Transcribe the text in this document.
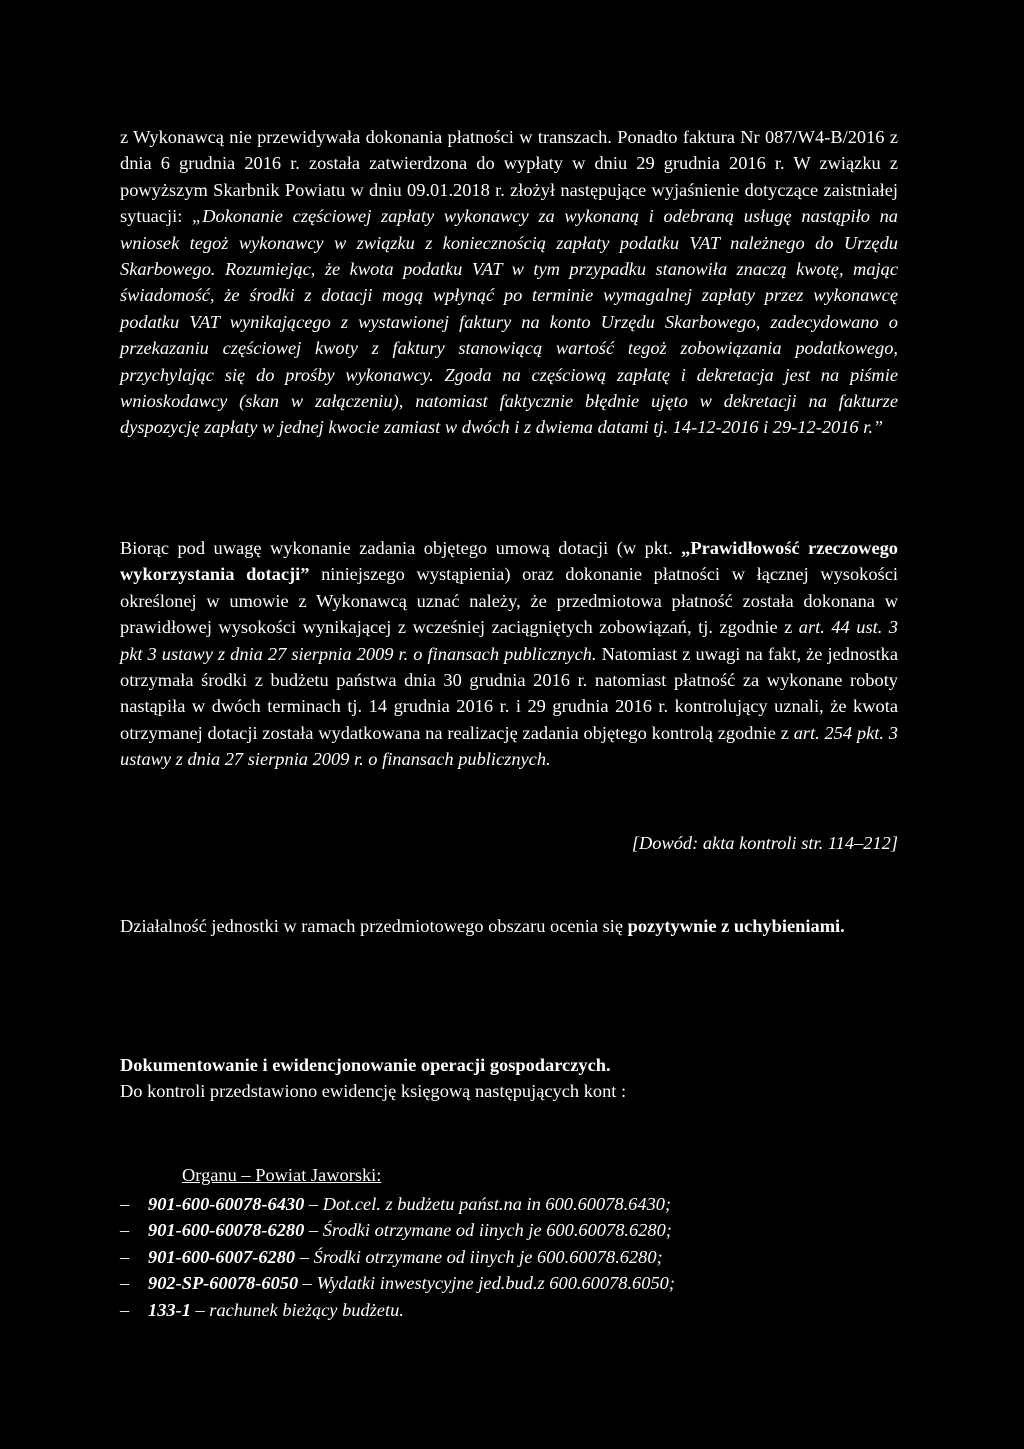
z Wykonawcą nie przewidywała dokonania płatności w transzach. Ponadto faktura Nr 087/W4-B/2016 z dnia 6 grudnia 2016 r. została zatwierdzona do wypłaty w dniu 29 grudnia 2016 r. W związku z powyższym Skarbnik Powiatu w dniu 09.01.2018 r. złożył następujące wyjaśnienie dotyczące zaistniałej sytuacji: „Dokonanie częściowej zapłaty wykonawcy za wykonaną i odebraną usługę nastąpiło na wniosek tegoż wykonawcy w związku z koniecznością zapłaty podatku VAT należnego do Urzędu Skarbowego. Rozumiejąc, że kwota podatku VAT w tym przypadku stanowiła znaczą kwotę, mając świadomość, że środki z dotacji mogą wpłynąć po terminie wymagalnej zapłaty przez wykonawcę podatku VAT wynikającego z wystawionej faktury na konto Urzędu Skarbowego, zadecydowano o przekazaniu częściowej kwoty z faktury stanowiącą wartość tegoż zobowiązania podatkowego, przychylając się do prośby wykonawcy. Zgoda na częściową zapłatę i dekretacja jest na piśmie wnioskodawcy (skan w załączeniu), natomiast faktycznie błędnie ujęto w dekretacji na fakturze dyspozycję zapłaty w jednej kwocie zamiast w dwóch i z dwiema datami tj. 14-12-2016 i 29-12-2016 r.”

Biorąc pod uwagę wykonanie zadania objętego umową dotacji (w pkt. „Prawidłowość rzeczowego wykorzystania dotacji” niniejszego wystąpienia) oraz dokonanie płatności w łącznej wysokości określonej w umowie z Wykonawcą uznać należy, że przedmiotowa płatność została dokonana w prawidłowej wysokości wynikającej z wcześniej zaciągniętych zobowiązań, tj. zgodnie z art. 44 ust. 3 pkt 3 ustawy z dnia 27 sierpnia 2009 r. o finansach publicznych. Natomiast z uwagi na fakt, że jednostka otrzymała środki z budżetu państwa dnia 30 grudnia 2016 r. natomiast płatność za wykonane roboty nastąpiła w dwóch terminach tj. 14 grudnia 2016 r. i 29 grudnia 2016 r. kontrolujący uznali, że kwota otrzymanej dotacji została wydatkowana na realizację zadania objętego kontrolą zgodnie z art. 254 pkt. 3 ustawy z dnia 27 sierpnia 2009 r. o finansach publicznych.

[Dowód: akta kontroli str. 114–212]

Działalność jednostki w ramach przedmiotowego obszaru ocenia się pozytywnie z uchybieniami.

Dokumentowanie i ewidencjonowanie operacji gospodarczych.
Do kontroli przedstawiono ewidencję księgową następujących kont :

Organu – Powiat Jaworski:
– 901-600-60078-6430 – Dot.cel. z budżetu państ.na in 600.60078.6430;
– 901-600-60078-6280 – Środki otrzymane od iinych je 600.60078.6280;
– 901-600-6007-6280 – Środki otrzymane od iinych je 600.60078.6280;
– 902-SP-60078-6050 – Wydatki inwestycyjne jed.bud.z 600.60078.6050;
– 133-1 – rachunek bieżący budżetu.
